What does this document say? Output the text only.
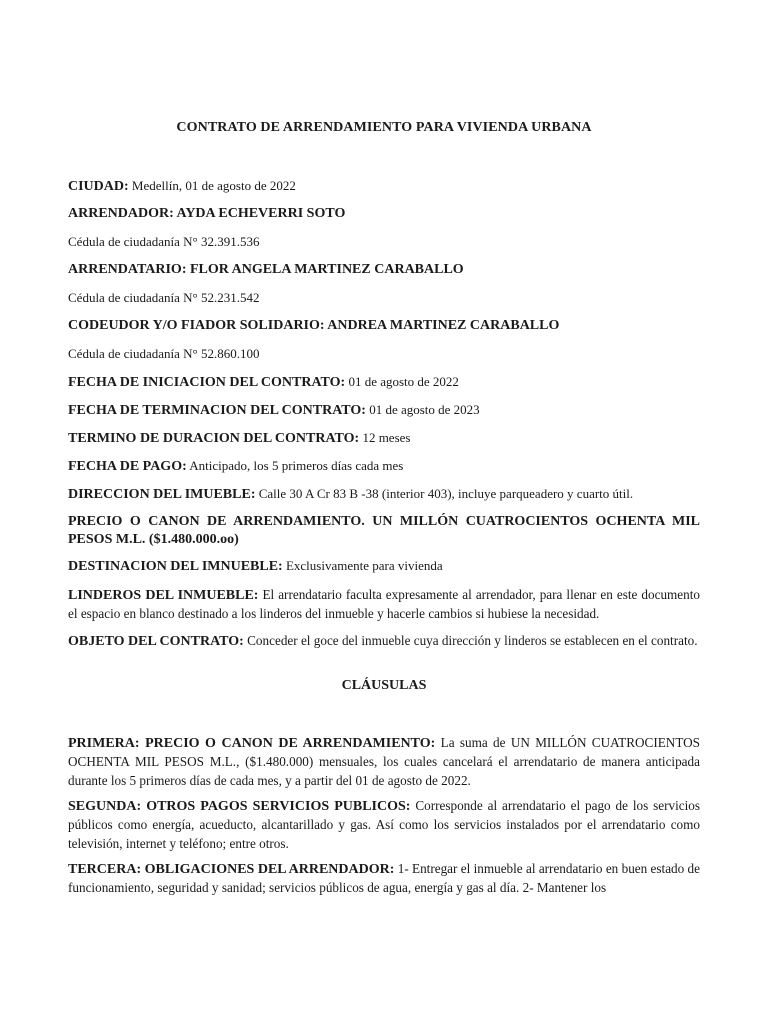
CONTRATO DE ARRENDAMIENTO PARA VIVIENDA URBANA
CIUDAD: Medellín, 01 de agosto de 2022
ARRENDADOR: AYDA ECHEVERRI SOTO
Cédula de ciudadanía N° 32.391.536
ARRENDATARIO: FLOR ANGELA MARTINEZ CARABALLO
Cédula de ciudadanía N° 52.231.542
CODEUDOR Y/O FIADOR SOLIDARIO: ANDREA MARTINEZ CARABALLO
Cédula de ciudadanía N° 52.860.100
FECHA DE INICIACION DEL CONTRATO: 01 de agosto de 2022
FECHA DE TERMINACION DEL CONTRATO: 01 de agosto de 2023
TERMINO DE DURACION DEL CONTRATO: 12 meses
FECHA DE PAGO: Anticipado, los 5 primeros días cada mes
DIRECCION DEL IMUEBLE: Calle 30 A Cr 83 B -38 (interior 403), incluye parqueadero y cuarto útil.
PRECIO O CANON DE ARRENDAMIENTO. UN MILLÓN CUATROCIENTOS OCHENTA MIL PESOS M.L. ($1.480.000.oo)
DESTINACION DEL IMNUEBLE: Exclusivamente para vivienda
LINDEROS DEL INMUEBLE: El arrendatario faculta expresamente al arrendador, para llenar en este documento el espacio en blanco destinado a los linderos del inmueble y hacerle cambios si hubiese la necesidad.
OBJETO DEL CONTRATO: Conceder el goce del inmueble cuya dirección y linderos se establecen en el contrato.
CLÁUSULAS
PRIMERA: PRECIO O CANON DE ARRENDAMIENTO: La suma de UN MILLÓN CUATROCIENTOS OCHENTA MIL PESOS M.L., ($1.480.000) mensuales, los cuales cancelará el arrendatario de manera anticipada durante los 5 primeros días de cada mes, y a partir del 01 de agosto de 2022.
SEGUNDA: OTROS PAGOS SERVICIOS PUBLICOS: Corresponde al arrendatario el pago de los servicios públicos como energía, acueducto, alcantarillado y gas. Así como los servicios instalados por el arrendatario como televisión, internet y teléfono; entre otros.
TERCERA: OBLIGACIONES DEL ARRENDADOR: 1- Entregar el inmueble al arrendatario en buen estado de funcionamiento, seguridad y sanidad; servicios públicos de agua, energía y gas al día. 2- Mantener los
